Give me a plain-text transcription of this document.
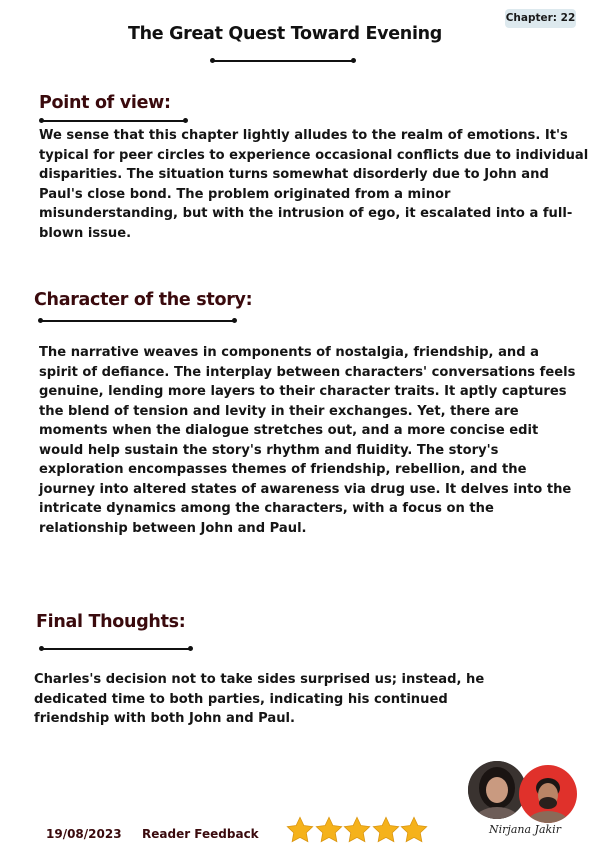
Chapter: 22
The Great Quest Toward Evening
Point of view:
We sense that this chapter lightly alludes to the realm of emotions. It's typical for peer circles to experience occasional conflicts due to individual disparities. The situation turns somewhat disorderly due to John and Paul's close bond. The problem originated from a minor misunderstanding, but with the intrusion of ego, it escalated into a full-blown issue.
Character of the story:
The narrative weaves in components of nostalgia, friendship, and a spirit of defiance. The interplay between characters' conversations feels genuine, lending more layers to their character traits. It aptly captures the blend of tension and levity in their exchanges. Yet, there are moments when the dialogue stretches out, and a more concise edit would help sustain the story's rhythm and fluidity. The story's exploration encompasses themes of friendship, rebellion, and the journey into altered states of awareness via drug use. It delves into the intricate dynamics among the characters, with a focus on the relationship between John and Paul.
Final Thoughts:
Charles's decision not to take sides surprised us; instead, he dedicated time to both parties, indicating his continued friendship with both John and Paul.
19/08/2023 Reader Feedback	Nirjana Jakir
